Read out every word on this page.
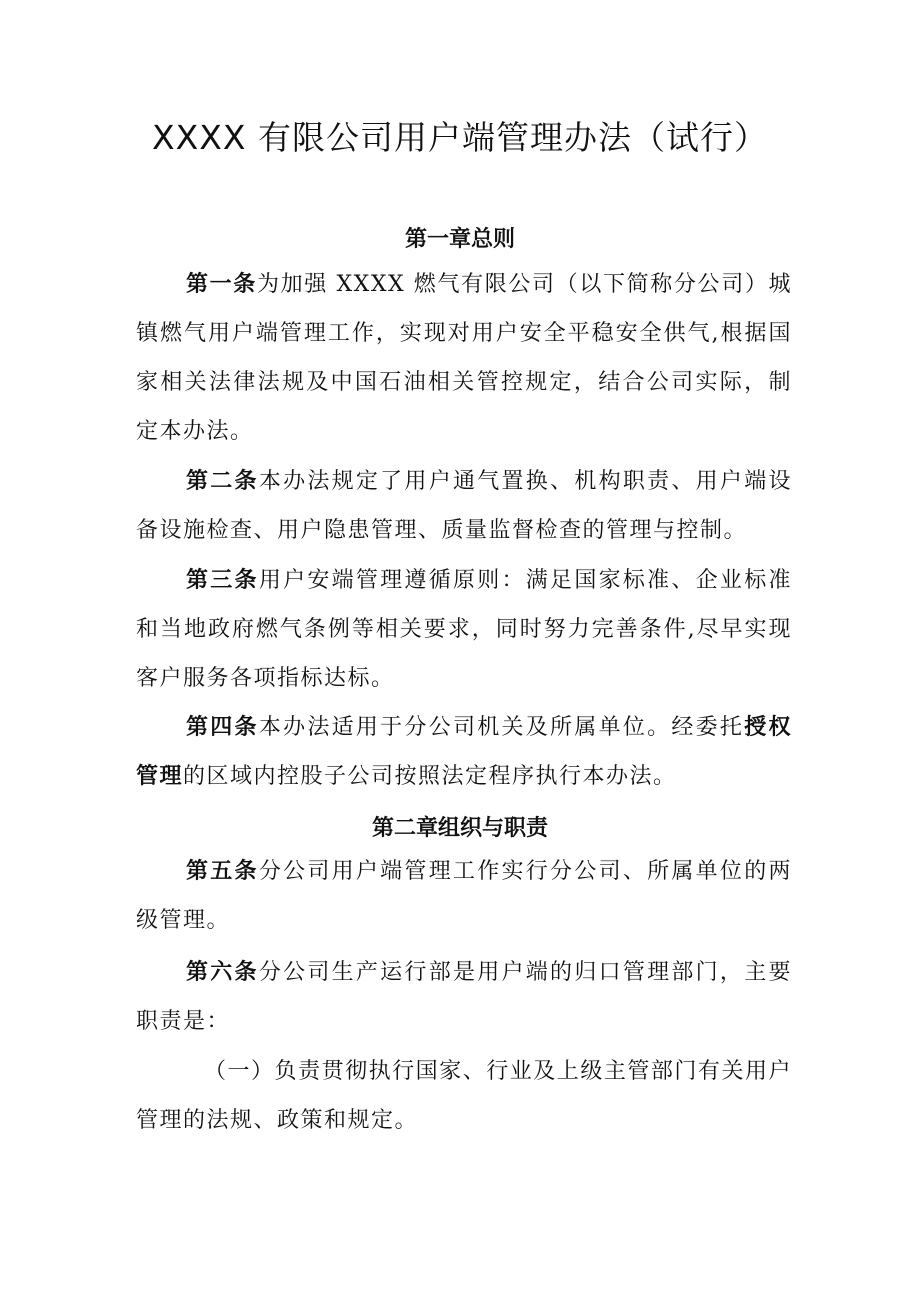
XXXX 有限公司用户端管理办法（试行）
第一章总则

第一条为加强 XXXX 燃气有限公司（以下简称分公司）城镇燃气用户端管理工作，实现对用户安全平稳安全供气,根据国家相关法律法规及中国石油相关管控规定，结合公司实际，制定本办法。

第二条本办法规定了用户通气置换、机构职责、用户端设备设施检查、用户隐患管理、质量监督检查的管理与控制。

第三条用户安端管理遵循原则：满足国家标准、企业标准和当地政府燃气条例等相关要求，同时努力完善条件,尽早实现客户服务各项指标达标。

第四条本办法适用于分公司机关及所属单位。经委托授权管理的区域内控股子公司按照法定程序执行本办法。

第二章组织与职责

第五条分公司用户端管理工作实行分公司、所属单位的两级管理。

第六条分公司生产运行部是用户端的归口管理部门，主要职责是：

（一）负责贯彻执行国家、行业及上级主管部门有关用户管理的法规、政策和规定。
